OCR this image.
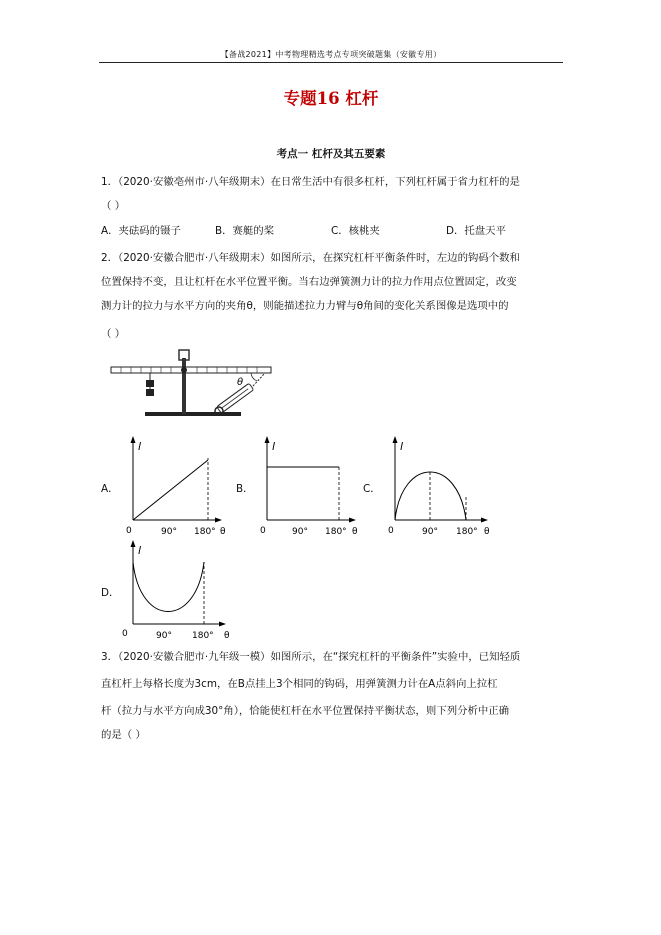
【备战2021】中考物理精选考点专项突破题集（安徽专用）
专题16 杠杆
考点一 杠杆及其五要素
1．（2020·安徽亳州市·八年级期末）在日常生活中有很多杠杆，下列杠杆属于省力杠杆的是
（ ）
A．夹砝码的镊子	B．赛艇的桨	C．核桃夹	D．托盘天平
2．（2020·安徽合肥市·八年级期末）如图所示，在探究杠杆平衡条件时，左边的钩码个数和
位置保持不变，且让杠杆在水平位置平衡。当右边弹簧测力计的拉力作用点位置固定，改变
测力计的拉力与水平方向的夹角θ，则能描述拉力力臂与θ角间的变化关系图像是选项中的
（ ）
θ
A．
l
0	90° 180° θ
B．
l
0	90° 180° θ
C．
l
0	90° 180° θ
D．
l
0	90° 180° θ
3．（2020·安徽合肥市·九年级一模）如图所示，在“探究杠杆的平衡条件”实验中，已知轻质
直杠杆上每格长度为3cm，在B点挂上3个相同的钩码，用弹簧测力计在A点斜向上拉杠
杆（拉力与水平方向成30°角），恰能使杠杆在水平位置保持平衡状态，则下列分析中正确
的是（ ）
